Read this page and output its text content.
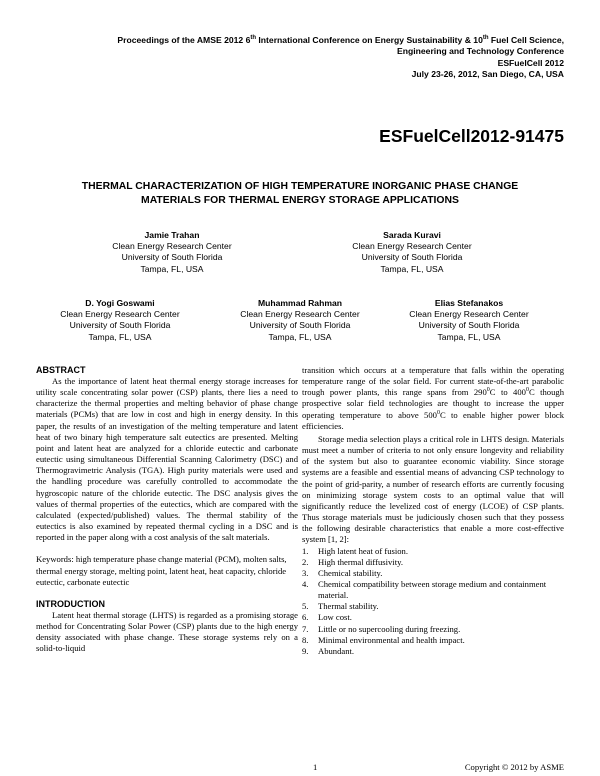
Proceedings of the AMSE 2012 6th International Conference on Energy Sustainability & 10th Fuel Cell Science,
Engineering and Technology Conference
ESFuelCell 2012
July 23-26, 2012, San Diego, CA, USA
ESFuelCell2012-91475
THERMAL CHARACTERIZATION OF HIGH TEMPERATURE INORGANIC PHASE CHANGE MATERIALS FOR THERMAL ENERGY STORAGE APPLICATIONS
Jamie Trahan
Clean Energy Research Center
University of South Florida
Tampa, FL, USA
Sarada Kuravi
Clean Energy Research Center
University of South Florida
Tampa, FL, USA
D. Yogi Goswami
Clean Energy Research Center
University of South Florida
Tampa, FL, USA
Muhammad Rahman
Clean Energy Research Center
University of South Florida
Tampa, FL, USA
Elias Stefanakos
Clean Energy Research Center
University of South Florida
Tampa, FL, USA
ABSTRACT

As the importance of latent heat thermal energy storage increases for utility scale concentrating solar power (CSP) plants, there lies a need to characterize the thermal properties and melting behavior of phase change materials (PCMs) that are low in cost and high in energy density. In this paper, the results of an investigation of the melting temperature and latent heat of two binary high temperature salt eutectics are presented. Melting point and latent heat are analyzed for a chloride eutectic and carbonate eutectic using simultaneous Differential Scanning Calorimetry (DSC) and Thermogravimetric Analysis (TGA). High purity materials were used and the handling procedure was carefully controlled to accommodate the hygroscopic nature of the chloride eutectic. The DSC analysis gives the values of thermal properties of the eutectics, which are compared with the calculated (expected/published) values. The thermal stability of the eutectics is also examined by repeated thermal cycling in a DSC and is reported in the paper along with a cost analysis of the salt materials.

Keywords: high temperature phase change material (PCM), molten salts, thermal energy storage, melting point, latent heat, heat capacity, chloride eutectic, carbonate eutectic

INTRODUCTION

Latent heat thermal storage (LHTS) is regarded as a promising storage method for Concentrating Solar Power (CSP) plants due to the high energy density associated with phase change. These storage systems rely on a solid-to-liquid

transition which occurs at a temperature that falls within the operating temperature range of the solar field. For current state-of-the-art parabolic trough power plants, this range spans from $290^0C$ to $400^0C$ though prospective solar field technologies are thought to increase the upper operating temperature to above $500^0C$ to enable higher power block efficiencies.

Storage media selection plays a critical role in LHTS design. Materials must meet a number of criteria to not only ensure longevity and reliability of the system but also to guarantee economic viability. Since storage systems are a feasible and essential means of advancing CSP technology to the point of grid-parity, a number of research efforts are currently focusing on minimizing storage system costs to an optimal value that will significantly reduce the levelized cost of energy (LCOE) of CSP plants. Thus storage materials must be judiciously chosen such that they possess the following desirable characteristics that enable a more cost-effective system [1, 2]:

1.	High latent heat of fusion.
2.	High thermal diffusivity.
3.	Chemical stability.
4.	Chemical compatibility between storage medium and containment material.
5.	Thermal stability.
6.	Low cost.
7.	Little or no supercooling during freezing.
8.	Minimal environmental and health impact.
9.	Abundant.
1	Copyright © 2012 by ASME
